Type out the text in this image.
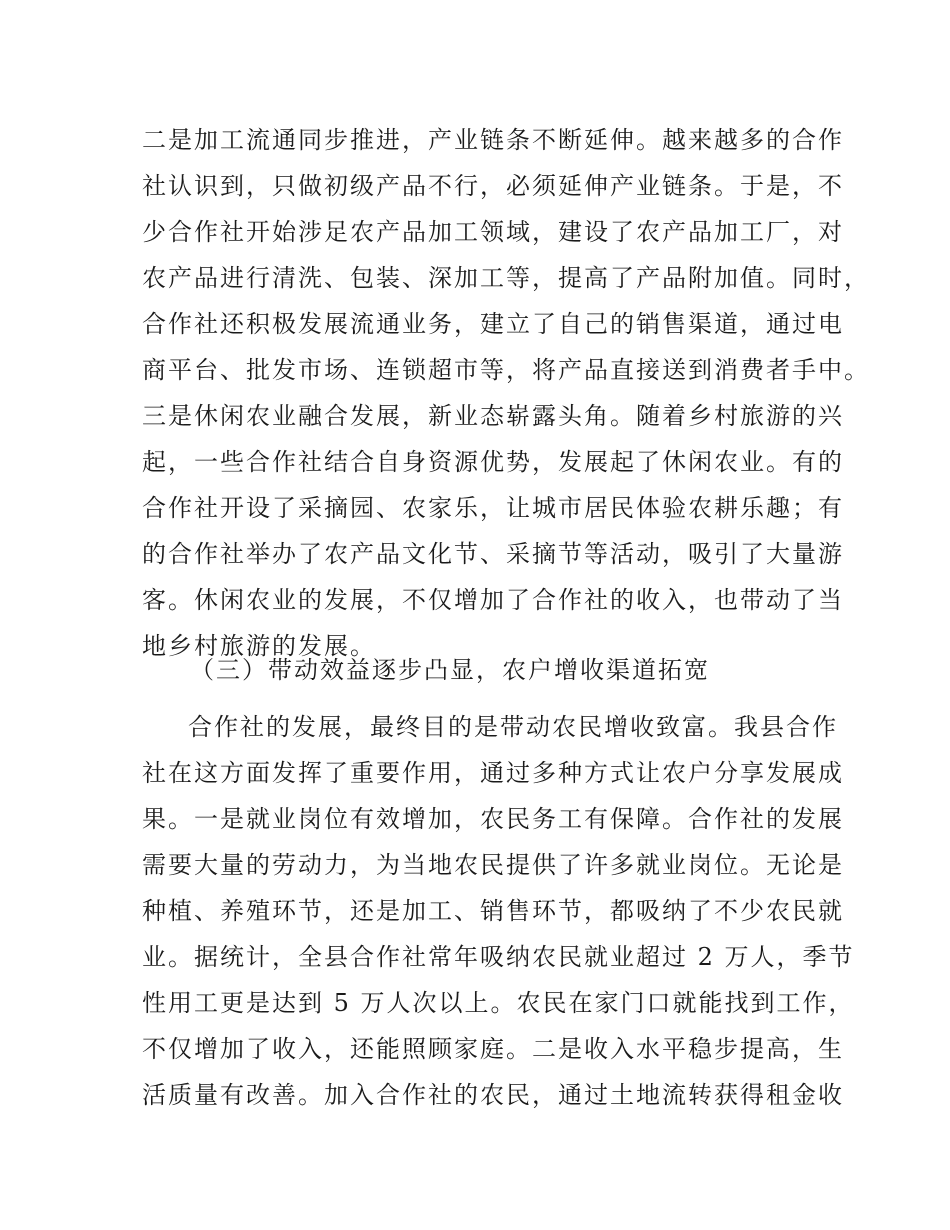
二是加工流通同步推进，产业链条不断延伸。越来越多的合作
社认识到，只做初级产品不行，必须延伸产业链条。于是，不
少合作社开始涉足农产品加工领域，建设了农产品加工厂，对
农产品进行清洗、包装、深加工等，提高了产品附加值。同时，
合作社还积极发展流通业务，建立了自己的销售渠道，通过电
商平台、批发市场、连锁超市等，将产品直接送到消费者手中。
三是休闲农业融合发展，新业态崭露头角。随着乡村旅游的兴
起，一些合作社结合自身资源优势，发展起了休闲农业。有的
合作社开设了采摘园、农家乐，让城市居民体验农耕乐趣；有
的合作社举办了农产品文化节、采摘节等活动，吸引了大量游
客。休闲农业的发展，不仅增加了合作社的收入，也带动了当
地乡村旅游的发展。
（三）带动效益逐步凸显，农户增收渠道拓宽
合作社的发展，最终目的是带动农民增收致富。我县合作
社在这方面发挥了重要作用，通过多种方式让农户分享发展成
果。一是就业岗位有效增加，农民务工有保障。合作社的发展
需要大量的劳动力，为当地农民提供了许多就业岗位。无论是
种植、养殖环节，还是加工、销售环节，都吸纳了不少农民就
业。据统计，全县合作社常年吸纳农民就业超过 2 万人，季节
性用工更是达到 5 万人次以上。农民在家门口就能找到工作，
不仅增加了收入，还能照顾家庭。二是收入水平稳步提高，生
活质量有改善。加入合作社的农民，通过土地流转获得租金收
